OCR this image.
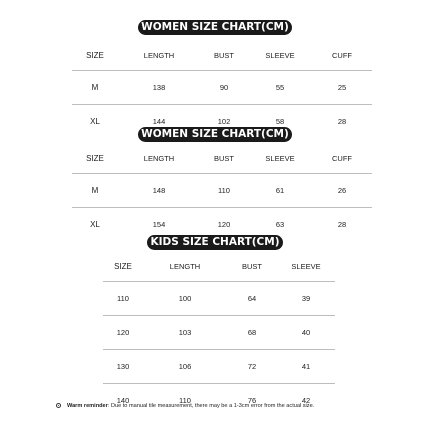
WOMEN SIZE CHART(CM)
SIZE	LENGTH	BUST	SLEEVE	CUFF
M	138	90	55	25
XL	144	102	58	28
WOMEN SIZE CHART(CM)
SIZE	LENGTH	BUST	SLEEVE	CUFF
M	148	110	61	26
XL	154	120	63	28
KIDS SIZE CHART(CM)
SIZE	LENGTH	BUST	SLEEVE
110	100	64	39
120	103	68	40
130	106	72	41
140	110	76	42
Warm reminder: Due to manual tile measurement, there may be a 1-3cm error from the actual size.
